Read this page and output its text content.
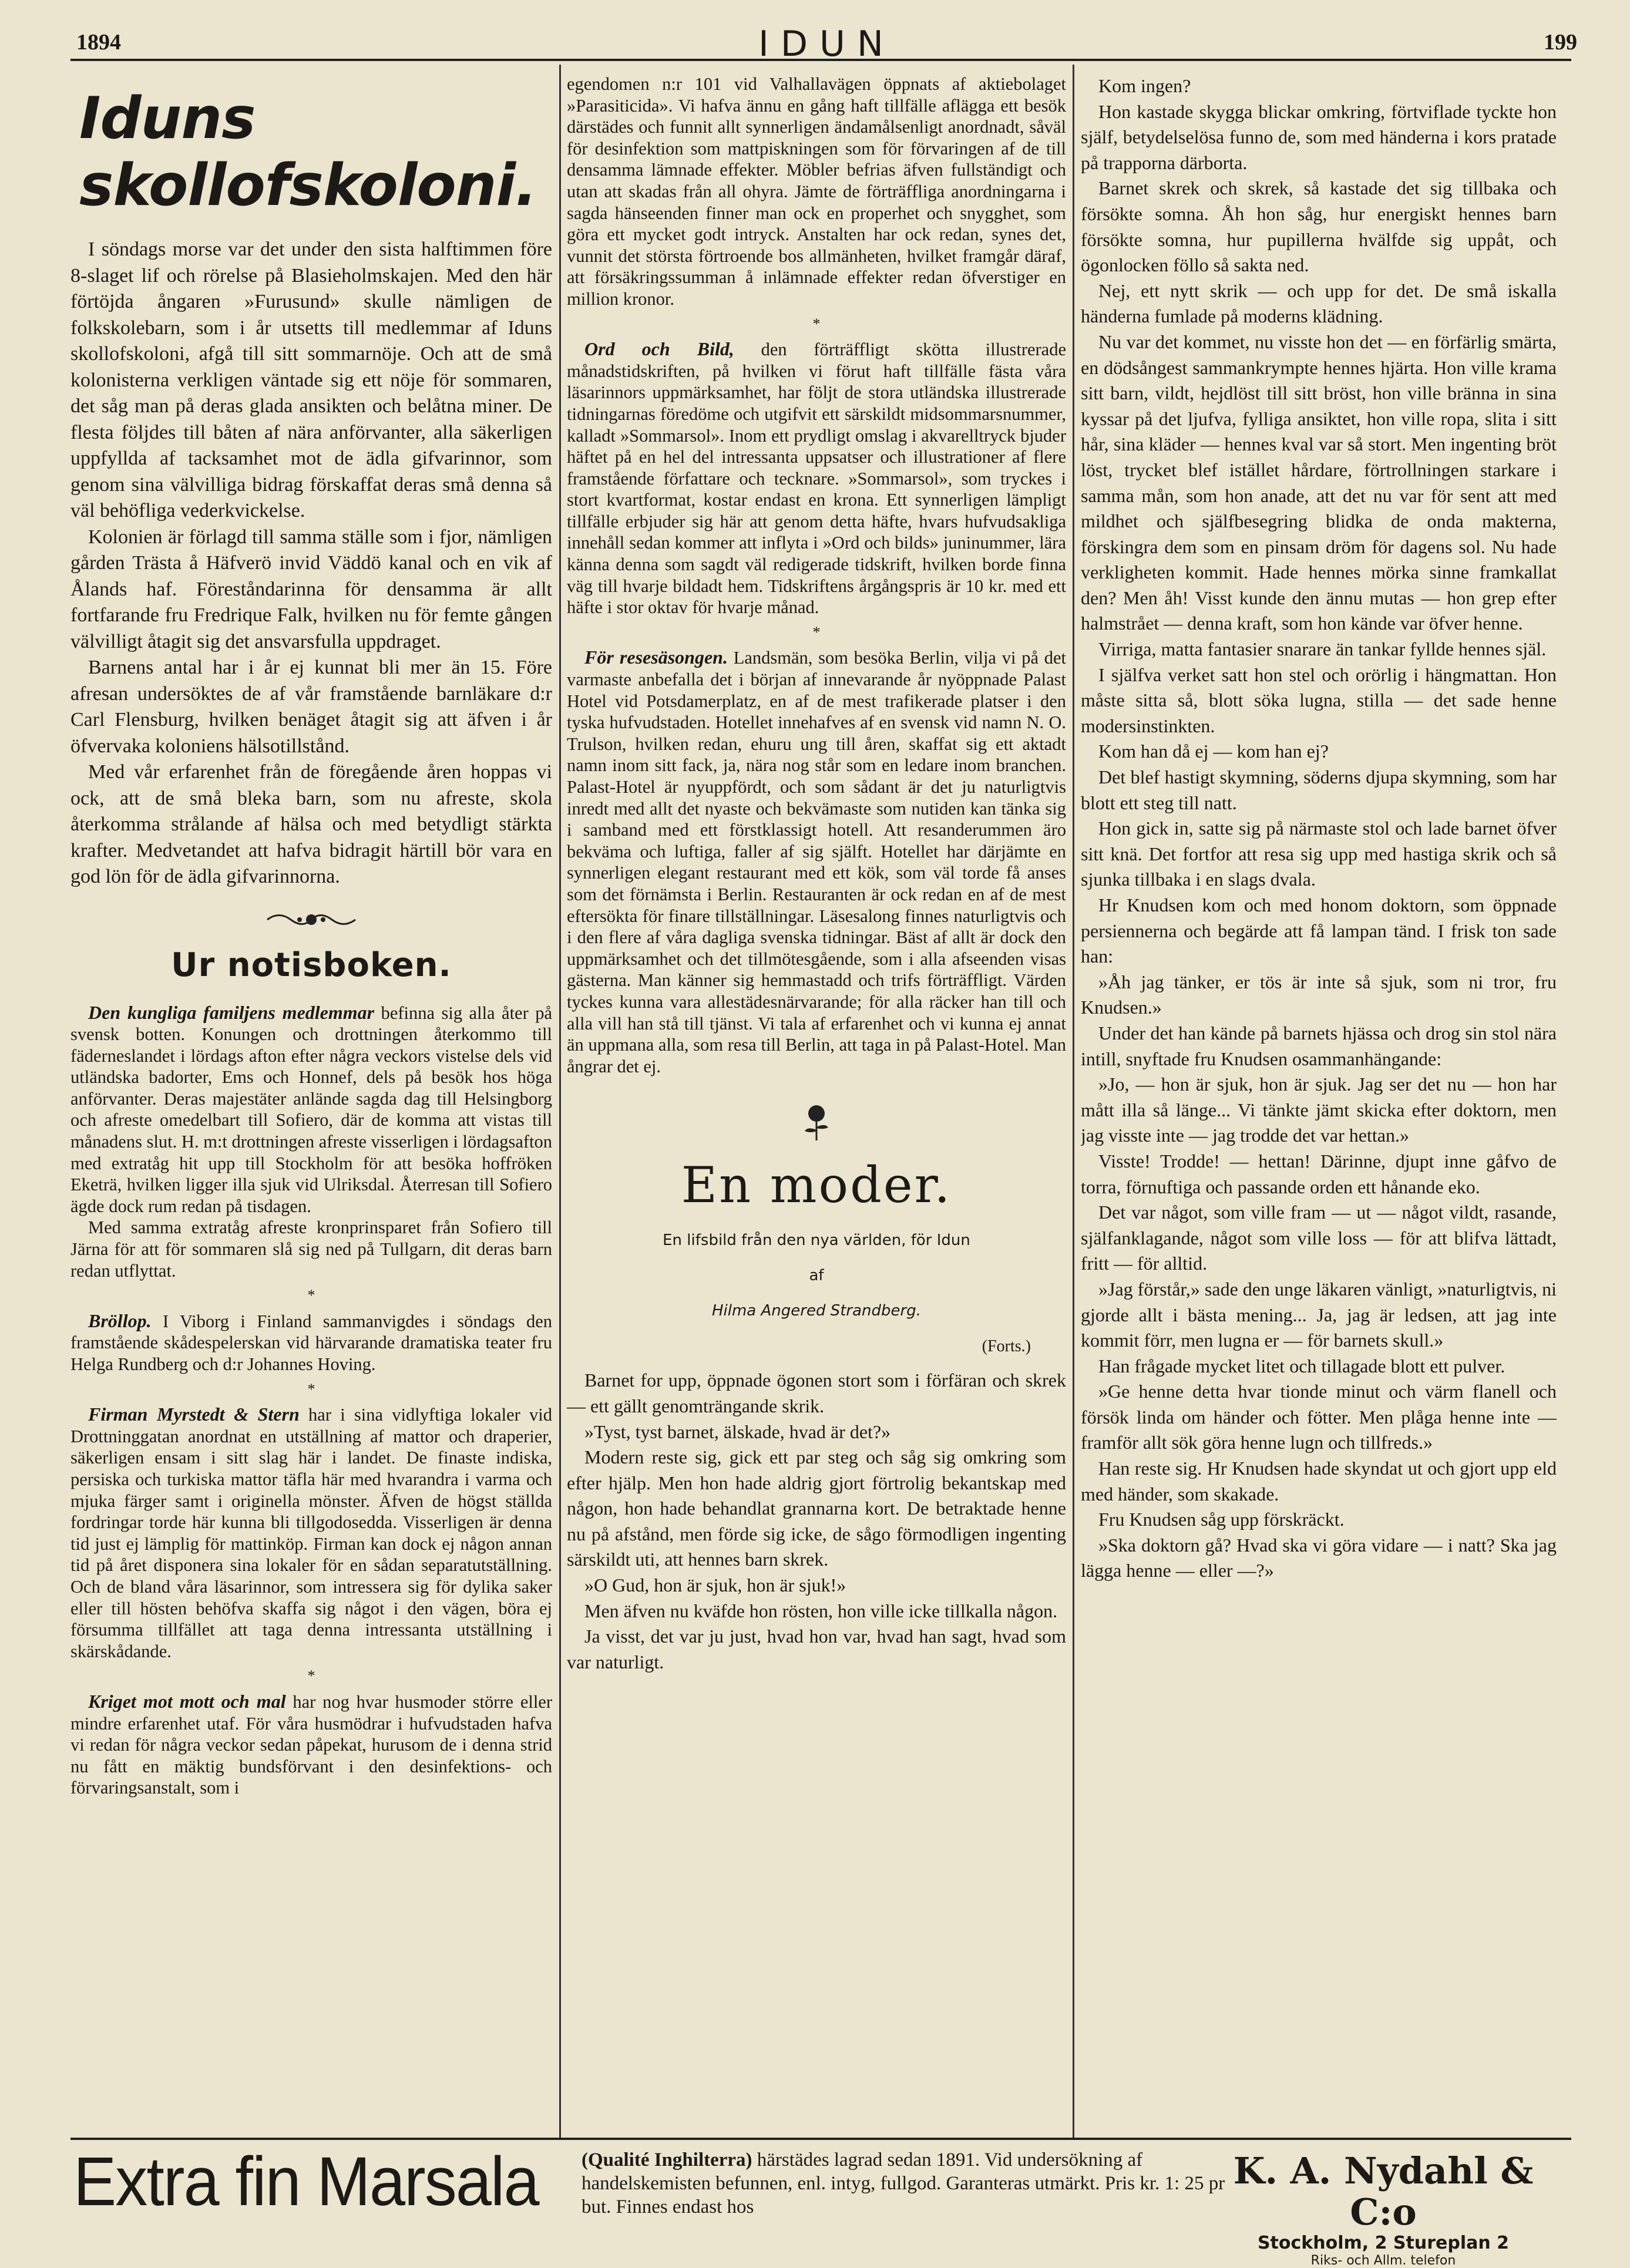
1894	IDUN	199
Iduns skollofskoloni.

I söndags morse var det under den sista halftimmen före 8-slaget lif och rörelse på Blasieholmskajen. Med den här förtöjda ångaren »Furusund» skulle nämligen de folkskolebarn, som i år utsetts till medlemmar af Iduns skollofskoloni, afgå till sitt sommarnöje. Och att de små kolonisterna verkligen väntade sig ett nöje för sommaren, det såg man på deras glada ansikten och belåtna miner. De flesta följdes till båten af nära anförvanter, alla säkerligen uppfyllda af tacksamhet mot de ädla gifvarinnor, som genom sina välvilliga bidrag förskaffat deras små denna så väl behöfliga vederkvickelse.

Kolonien är förlagd till samma ställe som i fjor, nämligen gården Trästa å Häfverö invid Väddö kanal och en vik af Ålands haf. Föreståndarinna för densamma är allt fortfarande fru Fredrique Falk, hvilken nu för femte gången välvilligt åtagit sig det ansvarsfulla uppdraget.

Barnens antal har i år ej kunnat bli mer än 15. Före afresan undersöktes de af vår framstående barnläkare d:r Carl Flensburg, hvilken benäget åtagit sig att äfven i år öfvervaka koloniens hälsotillstånd.

Med vår erfarenhet från de föregående åren hoppas vi ock, att de små bleka barn, som nu afreste, skola återkomma strålande af hälsa och med betydligt stärkta krafter. Medvetandet att hafva bidragit härtill bör vara en god lön för de ädla gifvarinnorna.

Ur notisboken.

Den kungliga familjens medlemmar befinna sig alla åter på svensk botten. Konungen och drottningen återkommo till fäderneslandet i lördags afton efter några veckors vistelse dels vid utländska badorter, Ems och Honnef, dels på besök hos höga anförvanter. Deras majestäter anlände sagda dag till Helsingborg och afreste omedelbart till Sofiero, där de komma att vistas till månadens slut. H. m:t drottningen afreste visserligen i lördagsafton med extratåg hit upp till Stockholm för att besöka hoffröken Eketrä, hvilken ligger illa sjuk vid Ulriksdal. Återresan till Sofiero ägde dock rum redan på tisdagen.

Med samma extratåg afreste kronprinsparet från Sofiero till Järna för att för sommaren slå sig ned på Tullgarn, dit deras barn redan utflyttat.

*

Bröllop. I Viborg i Finland sammanvigdes i söndags den framstående skådespelerskan vid härvarande dramatiska teater fru Helga Rundberg och d:r Johannes Hoving.

*

Firman Myrstedt & Stern har i sina vidlyftiga lokaler vid Drottninggatan anordnat en utställning af mattor och draperier, säkerligen ensam i sitt slag här i landet. De finaste indiska, persiska och turkiska mattor täfla här med hvarandra i varma och mjuka färger samt i originella mönster. Äfven de högst ställda fordringar torde här kunna bli tillgodosedda. Visserligen är denna tid just ej lämplig för mattinköp. Firman kan dock ej någon annan tid på året disponera sina lokaler för en sådan separatutställning. Och de bland våra läsarinnor, som intressera sig för dylika saker eller till hösten behöfva skaffa sig något i den vägen, böra ej försumma tillfället att taga denna intressanta utställning i skärskådande.

*

Kriget mot mott och mal har nog hvar husmoder större eller mindre erfarenhet utaf. För våra husmödrar i hufvudstaden hafva vi redan för några veckor sedan påpekat, hurusom de i denna strid nu fått en mäktig bundsförvant i den desinfektions- och förvaringsanstalt, som i

egendomen n:r 101 vid Valhallavägen öppnats af aktiebolaget »Parasiticida». Vi hafva ännu en gång haft tillfälle aflägga ett besök därstädes och funnit allt synnerligen ändamålsenligt anordnadt, såväl för desinfektion som mattpiskningen som för förvaringen af de till densamma lämnade effekter. Möbler befrias äfven fullständigt och utan att skadas från all ohyra. Jämte de förträffliga anordningarna i sagda hänseenden finner man ock en properhet och snygghet, som göra ett mycket godt intryck. Anstalten har ock redan, synes det, vunnit det största förtroende bos allmänheten, hvilket framgår däraf, att försäkringssumman å inlämnade effekter redan öfverstiger en million kronor.

*

Ord och Bild, den förträffligt skötta illustrerade månadstidskriften, på hvilken vi förut haft tillfälle fästa våra läsarinnors uppmärksamhet, har följt de stora utländska illustrerade tidningarnas föredöme och utgifvit ett särskildt midsommarsnummer, kalladt »Sommarsol». Inom ett prydligt omslag i akvarelltryck bjuder häftet på en hel del intressanta uppsatser och illustrationer af flere framstående författare och tecknare. »Sommarsol», som tryckes i stort kvartformat, kostar endast en krona. Ett synnerligen lämpligt tillfälle erbjuder sig här att genom detta häfte, hvars hufvudsakliga innehåll sedan kommer att inflyta i »Ord och bilds» juninummer, lära känna denna som sagdt väl redigerade tidskrift, hvilken borde finna väg till hvarje bildadt hem. Tidskriftens årgångspris är 10 kr. med ett häfte i stor oktav för hvarje månad.

*

För resesäsongen. Landsmän, som besöka Berlin, vilja vi på det varmaste anbefalla det i början af innevarande år nyöppnade Palast Hotel vid Potsdamerplatz, en af de mest trafikerade platser i den tyska hufvudstaden. Hotellet innehafves af en svensk vid namn N. O. Trulson, hvilken redan, ehuru ung till åren, skaffat sig ett aktadt namn inom sitt fack, ja, nära nog står som en ledare inom branchen. Palast-Hotel är nyuppfördt, och som sådant är det ju naturligtvis inredt med allt det nyaste och bekvämaste som nutiden kan tänka sig i samband med ett förstklassigt hotell. Att resanderummen äro bekväma och luftiga, faller af sig själft. Hotellet har därjämte en synnerligen elegant restaurant med ett kök, som väl torde få anses som det förnämsta i Berlin. Restauranten är ock redan en af de mest eftersökta för finare tillställningar. Läsesalong finnes naturligtvis och i den flere af våra dagliga svenska tidningar. Bäst af allt är dock den uppmärksamhet och det tillmötesgående, som i alla afseenden visas gästerna. Man känner sig hemmastadd och trifs förträffligt. Värden tyckes kunna vara allestädesnärvarande; för alla räcker han till och alla vill han stå till tjänst. Vi tala af erfarenhet och vi kunna ej annat än uppmana alla, som resa till Berlin, att taga in på Palast-Hotel. Man ångrar det ej.

En moder.
En lifsbild från den nya världen, för Idun
af
Hilma Angered Strandberg.
(Forts.)

Barnet for upp, öppnade ögonen stort som i förfäran och skrek — ett gällt genomträngande skrik.

»Tyst, tyst barnet, älskade, hvad är det?»

Modern reste sig, gick ett par steg och såg sig omkring som efter hjälp. Men hon hade aldrig gjort förtrolig bekantskap med någon, hon hade behandlat grannarna kort. De betraktade henne nu på afstånd, men förde sig icke, de sågo förmodligen ingenting särskildt uti, att hennes barn skrek.

»O Gud, hon är sjuk, hon är sjuk!»

Men äfven nu kväfde hon rösten, hon ville icke tillkalla någon.

Ja visst, det var ju just, hvad hon var, hvad han sagt, hvad som var naturligt.

Kom ingen?

Hon kastade skygga blickar omkring, förtviflade tyckte hon själf, betydelselösa funno de, som med händerna i kors pratade på trapporna därborta.

Barnet skrek och skrek, så kastade det sig tillbaka och försökte somna. Åh hon såg, hur energiskt hennes barn försökte somna, hur pupillerna hvälfde sig uppåt, och ögonlocken föllo så sakta ned.

Nej, ett nytt skrik — och upp for det. De små iskalla händerna fumlade på moderns klädning.

Nu var det kommet, nu visste hon det — en förfärlig smärta, en dödsångest sammankrympte hennes hjärta. Hon ville krama sitt barn, vildt, hejdlöst till sitt bröst, hon ville bränna in sina kyssar på det ljufva, fylliga ansiktet, hon ville ropa, slita i sitt hår, sina kläder — hennes kval var så stort. Men ingenting bröt löst, trycket blef istället hårdare, förtrollningen starkare i samma mån, som hon anade, att det nu var för sent att med mildhet och själfbesegring blidka de onda makterna, förskingra dem som en pinsam dröm för dagens sol. Nu hade verkligheten kommit. Hade hennes mörka sinne framkallat den? Men åh! Visst kunde den ännu mutas — hon grep efter halmstrået — denna kraft, som hon kände var öfver henne.

Virriga, matta fantasier snarare än tankar fyllde hennes själ.

I själfva verket satt hon stel och orörlig i hängmattan. Hon måste sitta så, blott söka lugna, stilla — det sade henne modersinstinkten.

Kom han då ej — kom han ej?

Det blef hastigt skymning, söderns djupa skymning, som har blott ett steg till natt.

Hon gick in, satte sig på närmaste stol och lade barnet öfver sitt knä. Det fortfor att resa sig upp med hastiga skrik och så sjunka tillbaka i en slags dvala.

Hr Knudsen kom och med honom doktorn, som öppnade persiennerna och begärde att få lampan tänd. I frisk ton sade han:

»Åh jag tänker, er tös är inte så sjuk, som ni tror, fru Knudsen.»

Under det han kände på barnets hjässa och drog sin stol nära intill, snyftade fru Knudsen osammanhängande:

»Jo, — hon är sjuk, hon är sjuk. Jag ser det nu — hon har mått illa så länge... Vi tänkte jämt skicka efter doktorn, men jag visste inte — jag trodde det var hettan.»

Visste! Trodde! — hettan! Därinne, djupt inne gåfvo de torra, förnuftiga och passande orden ett hånande eko.

Det var något, som ville fram — ut — något vildt, rasande, själfanklagande, något som ville loss — för att blifva lättadt, fritt — för alltid.

»Jag förstår,» sade den unge läkaren vänligt, »naturligtvis, ni gjorde allt i bästa mening... Ja, jag är ledsen, att jag inte kommit förr, men lugna er — för barnets skull.»

Han frågade mycket litet och tillagade blott ett pulver.

»Ge henne detta hvar tionde minut och värm flanell och försök linda om händer och fötter. Men plåga henne inte — framför allt sök göra henne lugn och tillfreds.»

Han reste sig. Hr Knudsen hade skyndat ut och gjort upp eld med händer, som skakade.

Fru Knudsen såg upp förskräckt.

»Ska doktorn gå? Hvad ska vi göra vidare — i natt? Ska jag lägga henne — eller —?»

Extra fin Marsala (Qualité Inghilterra) härstädes lagrad sedan 1891. Vid undersökning af handelskemisten befunnen, enl. intyg, fullgod. Garanteras utmärkt. Pris kr. 1: 25 pr but. Finnes endast hos
K. A. Nydahl & C:o
Stockholm, 2 Stureplan 2
Riks- och Allm. telefon
